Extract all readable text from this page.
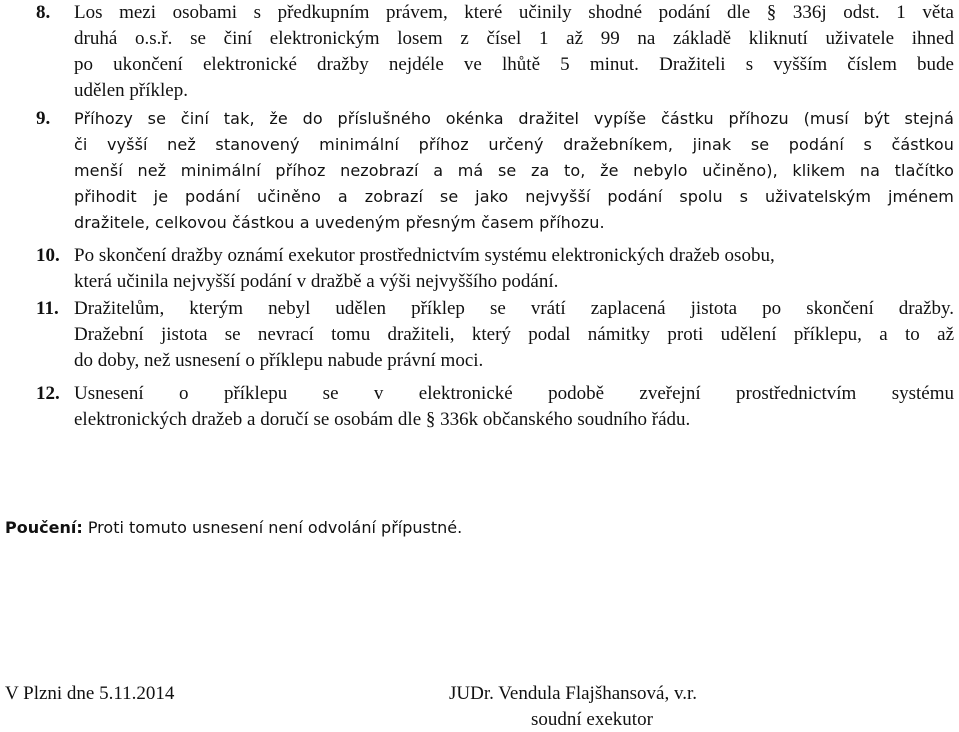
8. Los mezi osobami s předkupním právem, které učinily shodné podání dle § 336j odst. 1 věta
druhá o.s.ř. se činí elektronickým losem z čísel 1 až 99 na základě kliknutí uživatele ihned
po ukončení elektronické dražby nejdéle ve lhůtě 5 minut. Dražiteli s vyšším číslem bude
udělen příklep.
9. Příhozy se činí tak, že do příslušného okénka dražitel vypíše částku příhozu (musí být stejná
či vyšší než stanovený minimální příhoz určený dražebníkem, jinak se podání s částkou
menší než minimální příhoz nezobrazí a má se za to, že nebylo učiněno), klikem na tlačítko
přihodit je podání učiněno a zobrazí se jako nejvyšší podání spolu s uživatelským jménem
dražitele, celkovou částkou a uvedeným přesným časem příhozu.
10. Po skončení dražby oznámí exekutor prostřednictvím systému elektronických dražeb osobu,
která učinila nejvyšší podání v dražbě a výši nejvyššího podání.
11. Dražitelům, kterým nebyl udělen příklep se vrátí zaplacená jistota po skončení dražby.
Dražební jistota se nevrací tomu dražiteli, který podal námitky proti udělení příklepu, a to až
do doby, než usnesení o příklepu nabude právní moci.
12. Usnesení o příklepu se v elektronické podobě zveřejní prostřednictvím systému
elektronických dražeb a doručí se osobám dle § 336k občanského soudního řádu.
Poučení: Proti tomuto usnesení není odvolání přípustné.
V Plzni dne 5.11.2014	JUDr. Vendula Flajšhansová, v.r.
soudní exekutor
